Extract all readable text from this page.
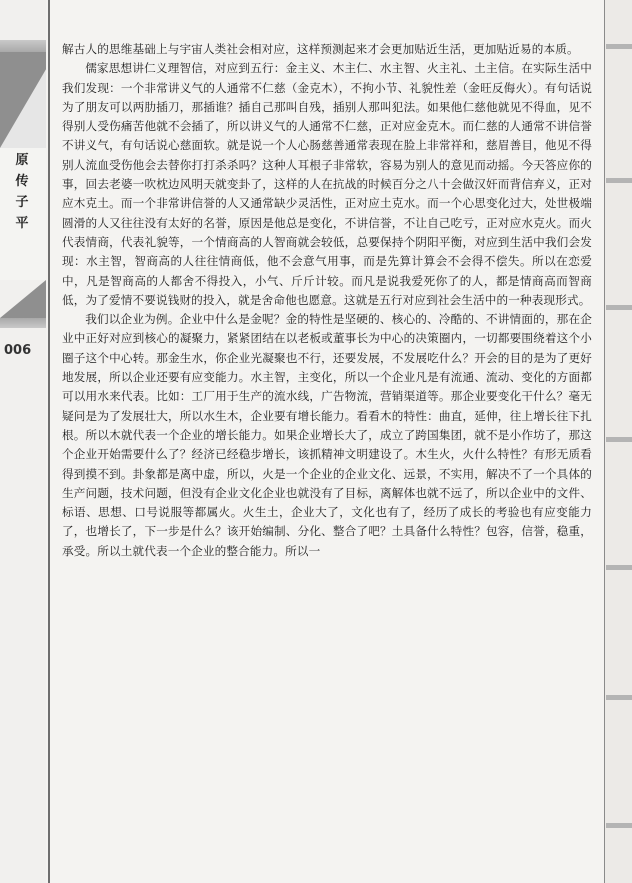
原
传
子
平
006

解古人的思维基础上与宇宙人类社会相对应，这样预测起来才会更加贴近生活，更加贴近易的本质。

儒家思想讲仁义理智信，对应到五行：金主义、木主仁、水主智、火主礼、土主信。在实际生活中我们发现：一个非常讲义气的人通常不仁慈（金克木），不拘小节、礼貌性差（金旺反侮火）。有句话说为了朋友可以两肋插刀，那插谁？插自己那叫自残，插别人那叫犯法。如果他仁慈他就见不得血，见不得别人受伤痛苦他就不会插了，所以讲义气的人通常不仁慈，正对应金克木。而仁慈的人通常不讲信誉不讲义气，有句话说心慈面软。就是说一个人心肠慈善通常表现在脸上非常祥和，慈眉善目，他见不得别人流血受伤他会去替你打打杀杀吗？这种人耳根子非常软，容易为别人的意见而动摇。今天答应你的事，回去老婆一吹枕边风明天就变卦了，这样的人在抗战的时候百分之八十会做汉奸而背信弃义，正对应木克土。而一个非常讲信誉的人又通常缺少灵活性，正对应土克水。而一个心思变化过大，处世极端圆滑的人又往往没有太好的名誉，原因是他总是变化，不讲信誉，不让自己吃亏，正对应水克火。而火代表情商，代表礼貌等，一个情商高的人智商就会较低，总要保持个阴阳平衡，对应到生活中我们会发现：水主智，智商高的人往往情商低，他不会意气用事，而是先算计算会不会得不偿失。所以在恋爱中，凡是智商高的人都舍不得投入，小气、斤斤计较。而凡是说我爱死你了的人，都是情商高而智商低，为了爱情不要说钱财的投入，就是舍命他也愿意。这就是五行对应到社会生活中的一种表现形式。

我们以企业为例。企业中什么是金呢？金的特性是坚硬的、核心的、冷酷的、不讲情面的，那在企业中正好对应到核心的凝聚力，紧紧团结在以老板或董事长为中心的决策圈内，一切都要围绕着这个小圈子这个中心转。那金生水，你企业光凝聚也不行，还要发展，不发展吃什么？开会的目的是为了更好地发展，所以企业还要有应变能力。水主智，主变化，所以一个企业凡是有流通、流动、变化的方面都可以用水来代表。比如：工厂用于生产的流水线，广告物流，营销渠道等。那企业要变化干什么？毫无疑问是为了发展壮大，所以水生木，企业要有增长能力。看看木的特性：曲直，延伸，往上增长往下扎根。所以木就代表一个企业的增长能力。如果企业增长大了，成立了跨国集团，就不是小作坊了，那这个企业开始需要什么了？经济已经稳步增长，该抓精神文明建设了。木生火，火什么特性？有形无质看得到摸不到。卦象都是离中虚，所以，火是一个企业的企业文化、远景，不实用，解决不了一个具体的生产问题，技术问题，但没有企业文化企业也就没有了目标，离解体也就不远了，所以企业中的文件、标语、思想、口号说服等都属火。火生土，企业大了，文化也有了，经历了成长的考验也有应变能力了，也增长了，下一步是什么？该开始编制、分化、整合了吧？土具备什么特性？包容，信誉，稳重，承受。所以土就代表一个企业的整合能力。所以一
